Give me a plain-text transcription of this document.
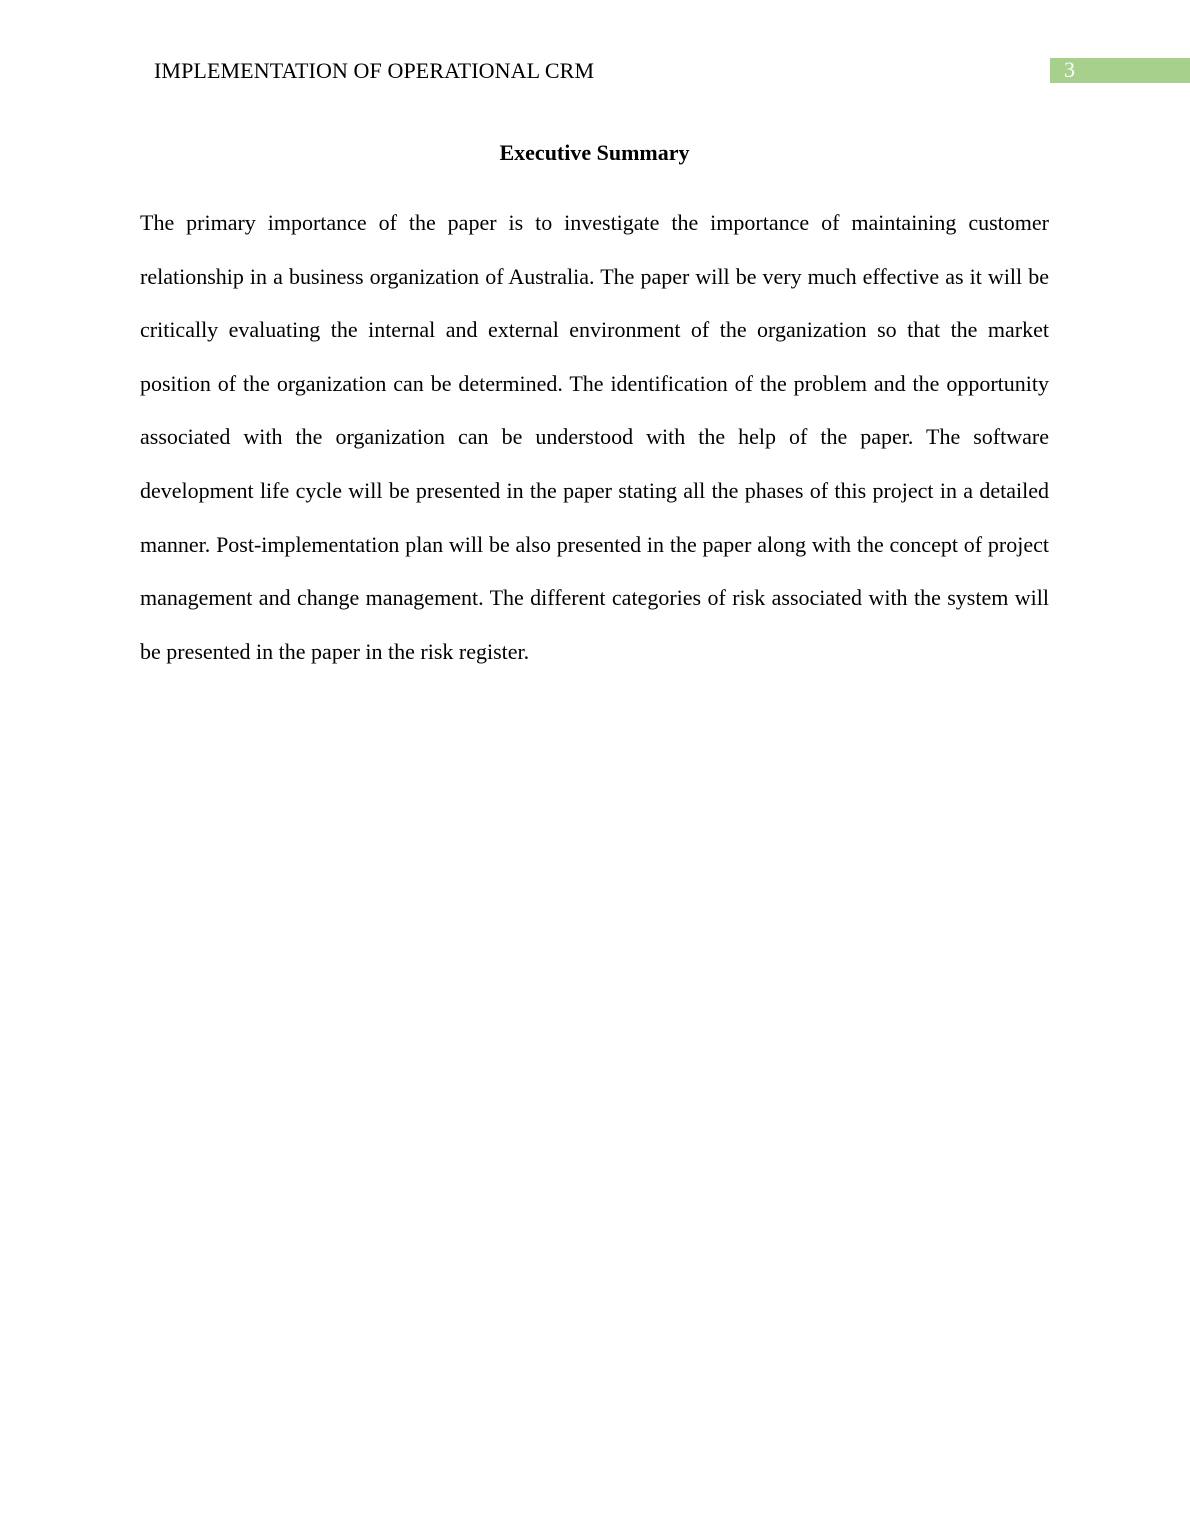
IMPLEMENTATION OF OPERATIONAL CRM	3
Executive Summary

The primary importance of the paper is to investigate the importance of maintaining customer relationship in a business organization of Australia. The paper will be very much effective as it will be critically evaluating the internal and external environment of the organization so that the market position of the organization can be determined. The identification of the problem and the opportunity associated with the organization can be understood with the help of the paper. The software development life cycle will be presented in the paper stating all the phases of this project in a detailed manner. Post-implementation plan will be also presented in the paper along with the concept of project management and change management. The different categories of risk associated with the system will be presented in the paper in the risk register.
